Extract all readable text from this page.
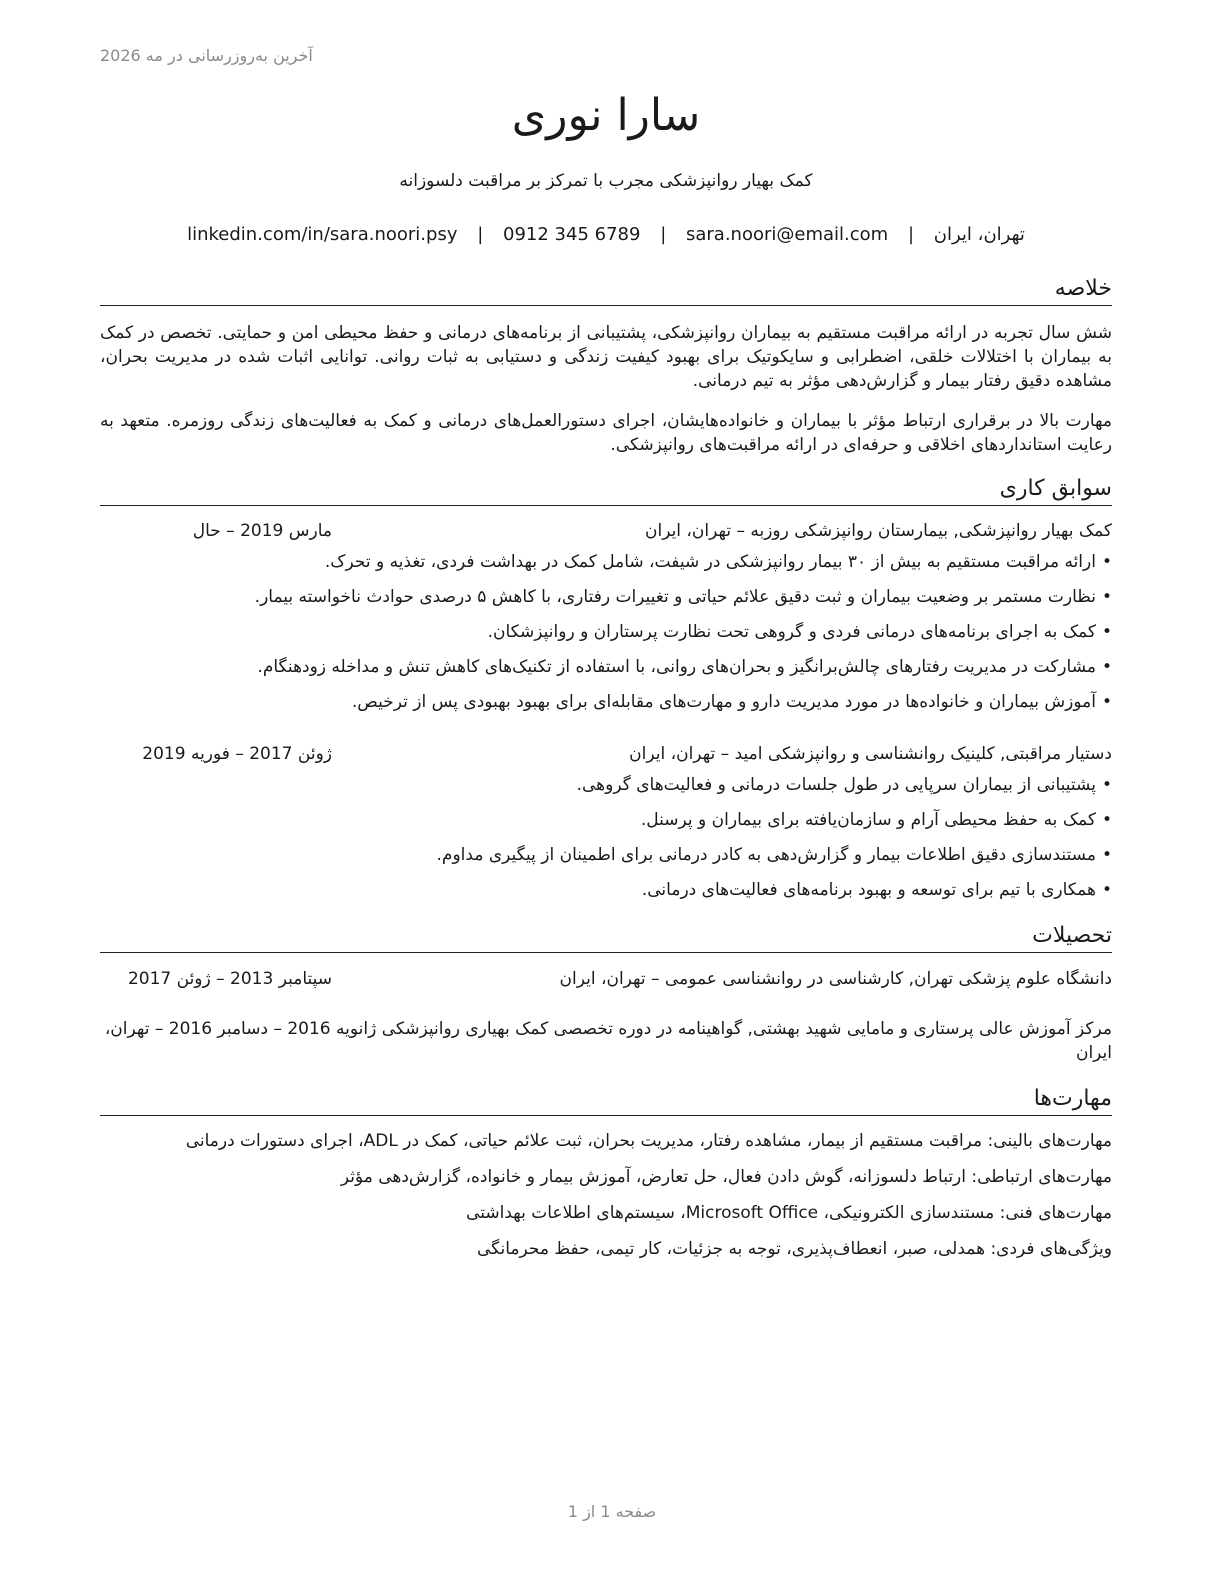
آخرین به‌روزرسانی در مه 2026
سارا نوری
کمک بهیار روانپزشکی مجرب با تمرکز بر مراقبت دلسوزانه
تهران، ایران | sara.noori@email.com | 0912 345 6789 | linkedin.com/in/sara.noori.psy
خلاصه
شش سال تجربه در ارائه مراقبت مستقیم به بیماران روانپزشکی، پشتیبانی از برنامه‌های درمانی و حفظ محیطی امن و حمایتی. تخصص در کمک به بیماران با اختلالات خلقی، اضطرابی و سایکوتیک برای بهبود کیفیت زندگی و دستیابی به ثبات روانی. توانایی اثبات شده در مدیریت بحران، مشاهده دقیق رفتار بیمار و گزارش‌دهی مؤثر به تیم درمانی.
مهارت بالا در برقراری ارتباط مؤثر با بیماران و خانواده‌هایشان، اجرای دستورالعمل‌های درمانی و کمک به فعالیت‌های زندگی روزمره. متعهد به رعایت استانداردهای اخلاقی و حرفه‌ای در ارائه مراقبت‌های روانپزشکی.
سوابق کاری
کمک بهیار روانپزشکی, بیمارستان روانپزشکی روزبه – تهران، ایران
مارس 2019 – حال
•ارائه مراقبت مستقیم به بیش از ۳۰ بیمار روانپزشکی در شیفت، شامل کمک در بهداشت فردی، تغذیه و تحرک.
•نظارت مستمر بر وضعیت بیماران و ثبت دقیق علائم حیاتی و تغییرات رفتاری، با کاهش ۵ درصدی حوادث ناخواسته بیمار.
•کمک به اجرای برنامه‌های درمانی فردی و گروهی تحت نظارت پرستاران و روانپزشکان.
•مشارکت در مدیریت رفتارهای چالش‌برانگیز و بحران‌های روانی، با استفاده از تکنیک‌های کاهش تنش و مداخله زودهنگام.
•آموزش بیماران و خانواده‌ها در مورد مدیریت دارو و مهارت‌های مقابله‌ای برای بهبود بهبودی پس از ترخیص.
دستیار مراقبتی, کلینیک روانشناسی و روانپزشکی امید – تهران، ایران
ژوئن 2017 – فوریه 2019
•پشتیبانی از بیماران سرپایی در طول جلسات درمانی و فعالیت‌های گروهی.
•کمک به حفظ محیطی آرام و سازمان‌یافته برای بیماران و پرسنل.
•مستندسازی دقیق اطلاعات بیمار و گزارش‌دهی به کادر درمانی برای اطمینان از پیگیری مداوم.
•همکاری با تیم برای توسعه و بهبود برنامه‌های فعالیت‌های درمانی.
تحصیلات
دانشگاه علوم پزشکی تهران, کارشناسی در روانشناسی عمومی – تهران، ایران
سپتامبر 2013 – ژوئن 2017
مرکز آموزش عالی پرستاری و مامایی شهید بهشتی, گواهینامه در دوره تخصصی کمک بهیاری روانپزشکی ژانویه 2016 – دسامبر 2016 – تهران، ایران
مهارت‌ها
مهارت‌های بالینی: مراقبت مستقیم از بیمار، مشاهده رفتار، مدیریت بحران، ثبت علائم حیاتی، کمک در ADL، اجرای دستورات درمانی
مهارت‌های ارتباطی: ارتباط دلسوزانه، گوش دادن فعال، حل تعارض، آموزش بیمار و خانواده، گزارش‌دهی مؤثر
مهارت‌های فنی: مستندسازی الکترونیکی، Microsoft Office، سیستم‌های اطلاعات بهداشتی
ویژگی‌های فردی: همدلی، صبر، انعطاف‌پذیری، توجه به جزئیات، کار تیمی، حفظ محرمانگی
صفحه 1 از 1
